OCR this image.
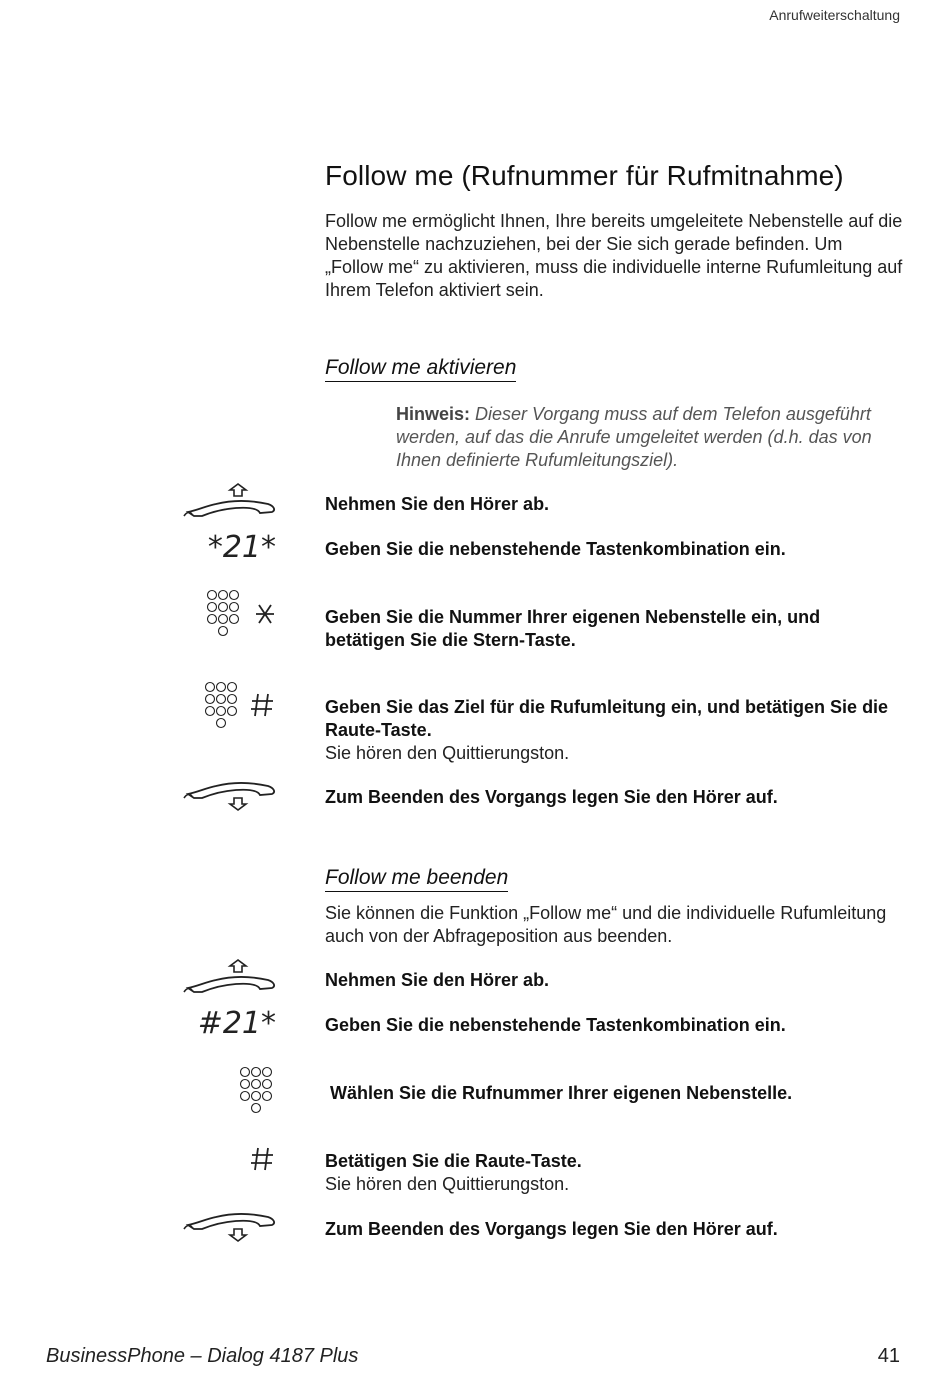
Anrufweiterschaltung
Follow me (Rufnummer für Rufmitnahme)
Follow me ermöglicht Ihnen, Ihre bereits umgeleitete Nebenstelle auf die Nebenstelle nachzuziehen, bei der Sie sich gerade befinden. Um „Follow me“ zu aktivieren, muss die individuelle interne Rufumleitung auf Ihrem Telefon aktiviert sein.
Follow me aktivieren
Hinweis: Dieser Vorgang muss auf dem Telefon ausgeführt werden, auf das die Anrufe umgeleitet werden (d.h. das von Ihnen definierte Rufumleitungsziel).
Nehmen Sie den Hörer ab.
*21*	Geben Sie die nebenstehende Tastenkombination ein.
Geben Sie die Nummer Ihrer eigenen Nebenstelle ein, und betätigen Sie die Stern-Taste.
Geben Sie das Ziel für die Rufumleitung ein, und betätigen Sie die Raute-Taste.
Sie hören den Quittierungston.
Zum Beenden des Vorgangs legen Sie den Hörer auf.
Follow me beenden
Sie können die Funktion „Follow me“ und die individuelle Rufumleitung auch von der Abfrageposition aus beenden.
Nehmen Sie den Hörer ab.
#21*	Geben Sie die nebenstehende Tastenkombination ein.
Wählen Sie die Rufnummer Ihrer eigenen Nebenstelle.
Betätigen Sie die Raute-Taste.
Sie hören den Quittierungston.
Zum Beenden des Vorgangs legen Sie den Hörer auf.
BusinessPhone – Dialog 4187 Plus	41
